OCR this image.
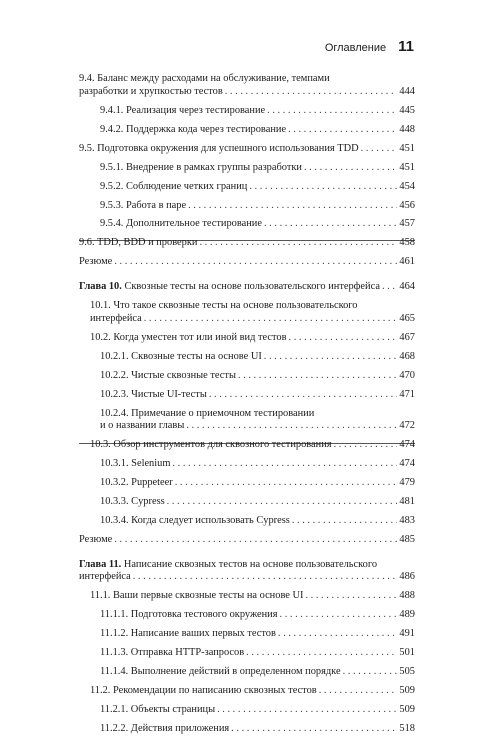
Оглавление 11
9.4. Баланс между расходами на обслуживание, темпами
разработки и хрупкостью тестов . . .	444
9.4.1. Реализация через тестирование . . .	445
9.4.2. Поддержка кода через тестирование . . .	448
9.5. Подготовка окружения для успешного использования TDD . . .	451
9.5.1. Внедрение в рамках группы разработки . . .	451
9.5.2. Соблюдение четких границ . . .	454
9.5.3. Работа в паре . . .	456
9.5.4. Дополнительное тестирование . . .	457
9.6. TDD, BDD и проверки . . .	458
Резюме . . .	461
Глава 10. Сквозные тесты на основе пользовательского интерфейса . . . 464
10.1. Что такое сквозные тесты на основе пользовательского
интерфейса . . .	465
10.2. Когда уместен тот или иной вид тестов . . .	467
10.2.1. Сквозные тесты на основе UI . . .	468
10.2.2. Чистые сквозные тесты . . .	470
10.2.3. Чистые UI-тесты . . .	471
10.2.4. Примечание о приемочном тестировании
и о названии главы . . .	472
10.3. Обзор инструментов для сквозного тестирования . . .	474
10.3.1. Selenium . . .	474
10.3.2. Puppeteer . . .	479
10.3.3. Cypress . . .	481
10.3.4. Когда следует использовать Cypress . . .	483
Резюме . . .	485
Глава 11. Написание сквозных тестов на основе пользовательского
интерфейса . . .	486
11.1. Ваши первые сквозные тесты на основе UI . . .	488
11.1.1. Подготовка тестового окружения . . .	489
11.1.2. Написание ваших первых тестов . . .	491
11.1.3. Отправка HTTP-запросов . . .	501
11.1.4. Выполнение действий в определенном порядке . . .	505
11.2. Рекомендации по написанию сквозных тестов . . .	509
11.2.1. Объекты страницы . . .	509
11.2.2. Действия приложения . . .	518
